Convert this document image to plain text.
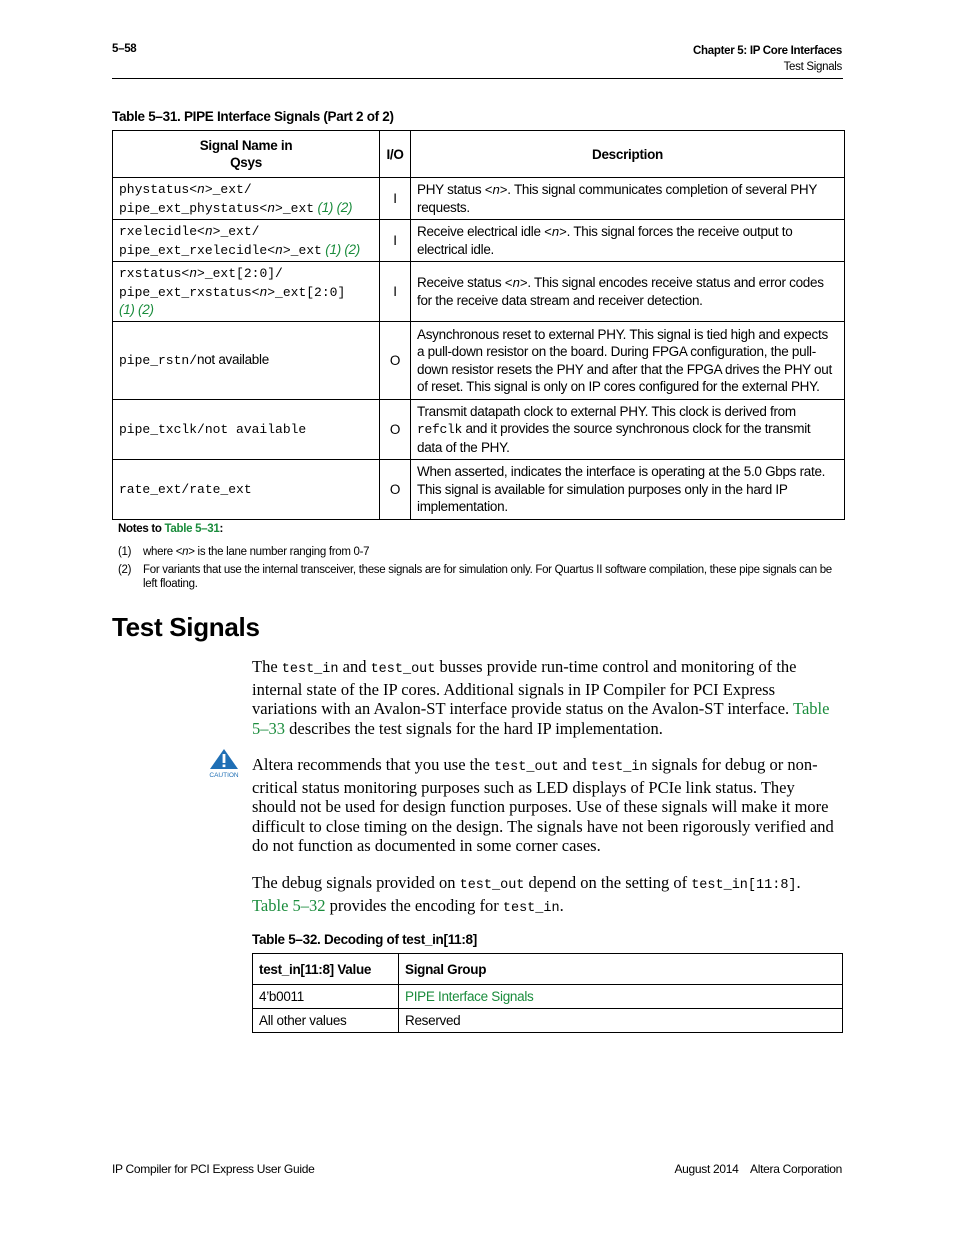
5–58	Chapter 5: IP Core Interfaces
Test Signals
Table 5–31. PIPE Interface Signals (Part 2 of 2)
Signal Name in
Qsys	I/O	Description
phystatus<n>_ext/
pipe_ext_phystatus<n>_ext (1) (2)	I	PHY status <n>. This signal communicates completion of several PHY requests.
rxelecidle<n>_ext/
pipe_ext_rxelecidle<n>_ext (1) (2)	I	Receive electrical idle <n>. This signal forces the receive output to electrical idle.
rxstatus<n>_ext[2:0]/
pipe_ext_rxstatus<n>_ext[2:0]
(1) (2)	I	Receive status <n>. This signal encodes receive status and error codes for the receive data stream and receiver detection.
pipe_rstn/not available	O	Asynchronous reset to external PHY. This signal is tied high and expects a pull-down resistor on the board. During FPGA configuration, the pull-down resistor resets the PHY and after that the FPGA drives the PHY out of reset. This signal is only on IP cores configured for the external PHY.
pipe_txclk/not available	O	Transmit datapath clock to external PHY. This clock is derived from refclk and it provides the source synchronous clock for the transmit data of the PHY.
rate_ext/rate_ext	O	When asserted, indicates the interface is operating at the 5.0 Gbps rate. This signal is available for simulation purposes only in the hard IP implementation.
Notes to Table 5–31:
(1) where <n> is the lane number ranging from 0-7
(2) For variants that use the internal transceiver, these signals are for simulation only. For Quartus II software compilation, these pipe signals can be left floating.
Test Signals
The test_in and test_out busses provide run-time control and monitoring of the internal state of the IP cores. Additional signals in IP Compiler for PCI Express variations with an Avalon-ST interface provide status on the Avalon-ST interface. Table 5–33 describes the test signals for the hard IP implementation.
CAUTION
Altera recommends that you use the test_out and test_in signals for debug or non-critical status monitoring purposes such as LED displays of PCIe link status. They should not be used for design function purposes. Use of these signals will make it more difficult to close timing on the design. The signals have not been rigorously verified and do not function as documented in some corner cases.
The debug signals provided on test_out depend on the setting of test_in[11:8].
Table 5–32 provides the encoding for test_in.
Table 5–32. Decoding of test_in[11:8]
test_in[11:8] Value	Signal Group
4’b0011	PIPE Interface Signals
All other values	Reserved
IP Compiler for PCI Express User Guide	August 2014    Altera Corporation
